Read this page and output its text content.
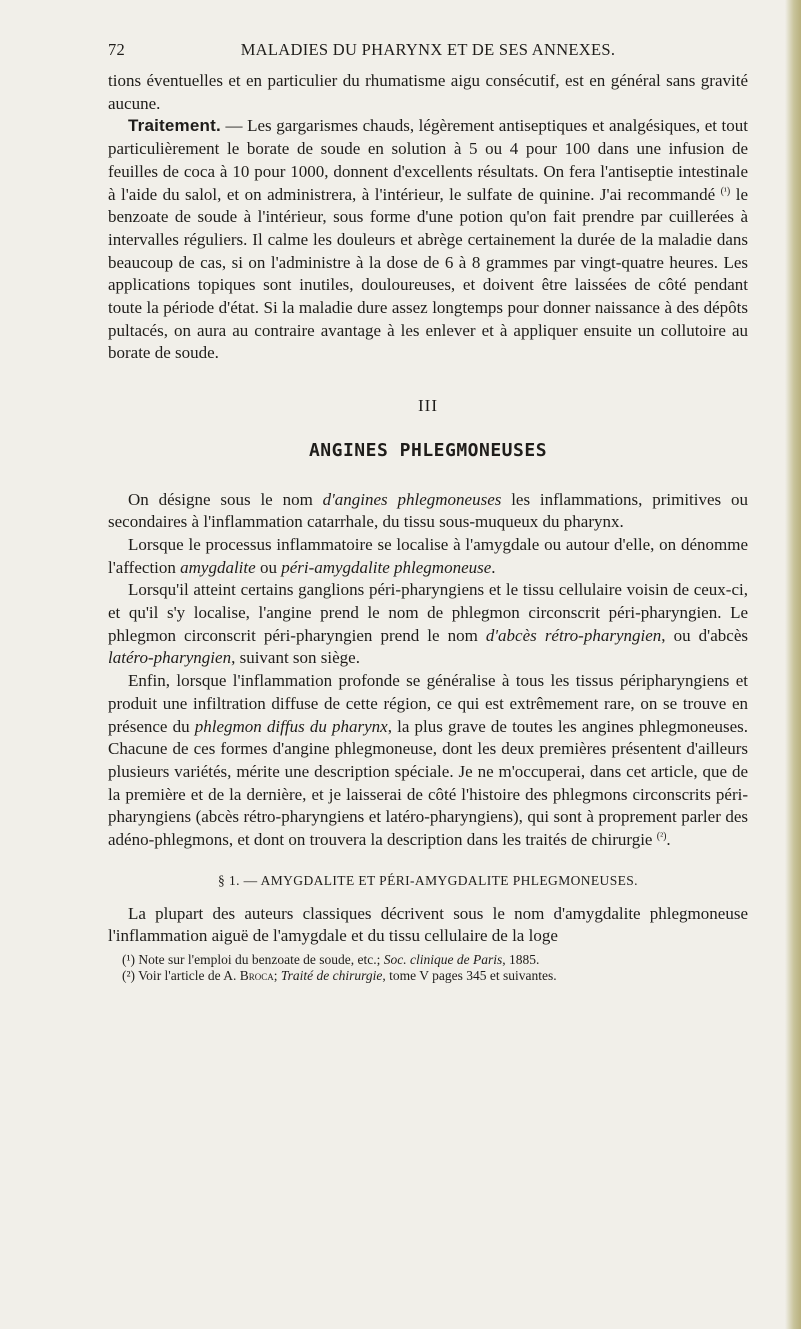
72	MALADIES DU PHARYNX ET DE SES ANNEXES.

tions éventuelles et en particulier du rhumatisme aigu consécutif, est en général sans gravité aucune.

Traitement. — Les gargarismes chauds, légèrement antiseptiques et analgésiques, et tout particulièrement le borate de soude en solution à 5 ou 4 pour 100 dans une infusion de feuilles de coca à 10 pour 1000, donnent d'excellents résultats. On fera l'antiseptie intestinale à l'aide du salol, et on administrera, à l'intérieur, le sulfate de quinine. J'ai recommandé $^{(^1)}$ le benzoate de soude à l'intérieur, sous forme d'une potion qu'on fait prendre par cuillerées à intervalles réguliers. Il calme les douleurs et abrège certainement la durée de la maladie dans beaucoup de cas, si on l'administre à la dose de 6 à 8 grammes par vingt-quatre heures. Les applications topiques sont inutiles, douloureuses, et doivent être laissées de côté pendant toute la période d'état. Si la maladie dure assez longtemps pour donner naissance à des dépôts pultacés, on aura au contraire avantage à les enlever et à appliquer ensuite un collutoire au borate de soude.

III
ANGINES PHLEGMONEUSES

On désigne sous le nom d'angines phlegmoneuses les inflammations, primitives ou secondaires à l'inflammation catarrhale, du tissu sous-muqueux du pharynx.

Lorsque le processus inflammatoire se localise à l'amygdale ou autour d'elle, on dénomme l'affection amygdalite ou péri-amygdalite phlegmoneuse.

Lorsqu'il atteint certains ganglions péri-pharyngiens et le tissu cellulaire voisin de ceux-ci, et qu'il s'y localise, l'angine prend le nom de phlegmon circonscrit péri-pharyngien. Le phlegmon circonscrit péri-pharyngien prend le nom d'abcès rétro-pharyngien, ou d'abcès latéro-pharyngien, suivant son siège.

Enfin, lorsque l'inflammation profonde se généralise à tous les tissus péripharyngiens et produit une infiltration diffuse de cette région, ce qui est extrêmement rare, on se trouve en présence du phlegmon diffus du pharynx, la plus grave de toutes les angines phlegmoneuses. Chacune de ces formes d'angine phlegmoneuse, dont les deux premières présentent d'ailleurs plusieurs variétés, mérite une description spéciale. Je ne m'occuperai, dans cet article, que de la première et de la dernière, et je laisserai de côté l'histoire des phlegmons circonscrits péri-pharyngiens (abcès rétro-pharyngiens et latéro-pharyngiens), qui sont à proprement parler des adéno-phlegmons, et dont on trouvera la description dans les traités de chirurgie $^{(^2)}$.

§ 1. — AMYGDALITE ET PÉRI-AMYGDALITE PHLEGMONEUSES.

La plupart des auteurs classiques décrivent sous le nom d'amygdalite phlegmoneuse l'inflammation aiguë de l'amygdale et du tissu cellulaire de la loge

(¹) Note sur l'emploi du benzoate de soude, etc.; Soc. clinique de Paris, 1885.

(²) Voir l'article de A. Broca; Traité de chirurgie, tome V pages 345 et suivantes.
